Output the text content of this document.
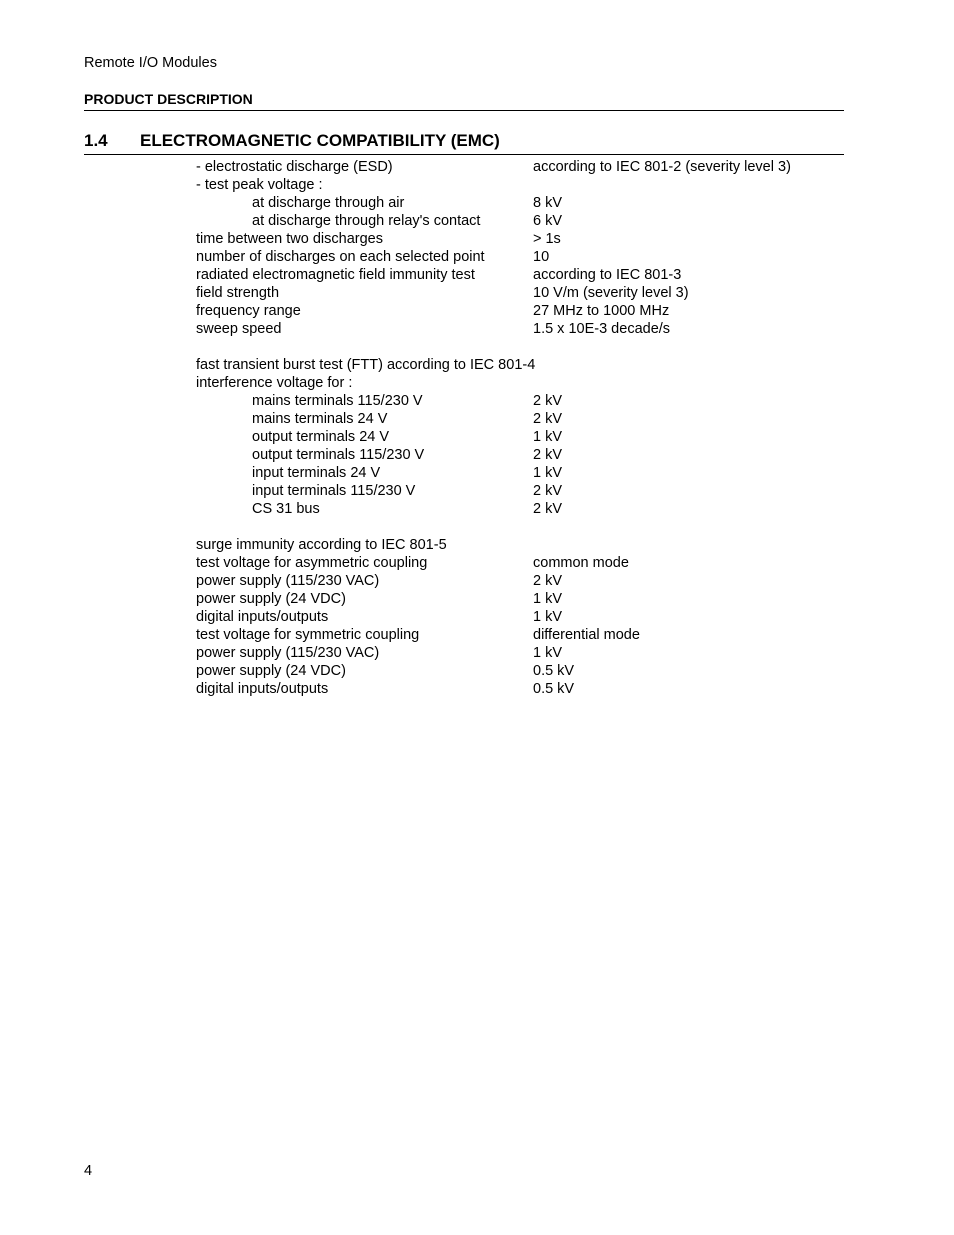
Remote I/O Modules
PRODUCT DESCRIPTION
1.4 ELECTROMAGNETIC COMPATIBILITY (EMC)
- electrostatic discharge (ESD)	according to IEC 801-2 (severity level 3)
- test peak voltage :
at discharge through air	8 kV
at discharge through relay's contact	6 kV
time between two discharges	> 1s
number of discharges on each selected point	10
radiated electromagnetic field immunity test	according to IEC 801-3
field strength	10 V/m (severity level 3)
frequency range	27 MHz to 1000 MHz
sweep speed	1.5 x 10E-3 decade/s
fast transient burst test (FTT) according to IEC 801-4
interference voltage for :
mains terminals 115/230 V	2 kV
mains terminals 24 V	2 kV
output terminals 24 V	1 kV
output terminals 115/230 V	2 kV
input terminals 24 V	1 kV
input terminals 115/230 V	2 kV
CS 31 bus	2 kV
surge immunity according to IEC 801-5
test voltage for asymmetric coupling	common mode
power supply (115/230 VAC)	2 kV
power supply (24 VDC)	1 kV
digital inputs/outputs	1 kV
test voltage for symmetric coupling	differential mode
power supply (115/230 VAC)	1 kV
power supply (24 VDC)	0.5 kV
digital inputs/outputs	0.5 kV
4
